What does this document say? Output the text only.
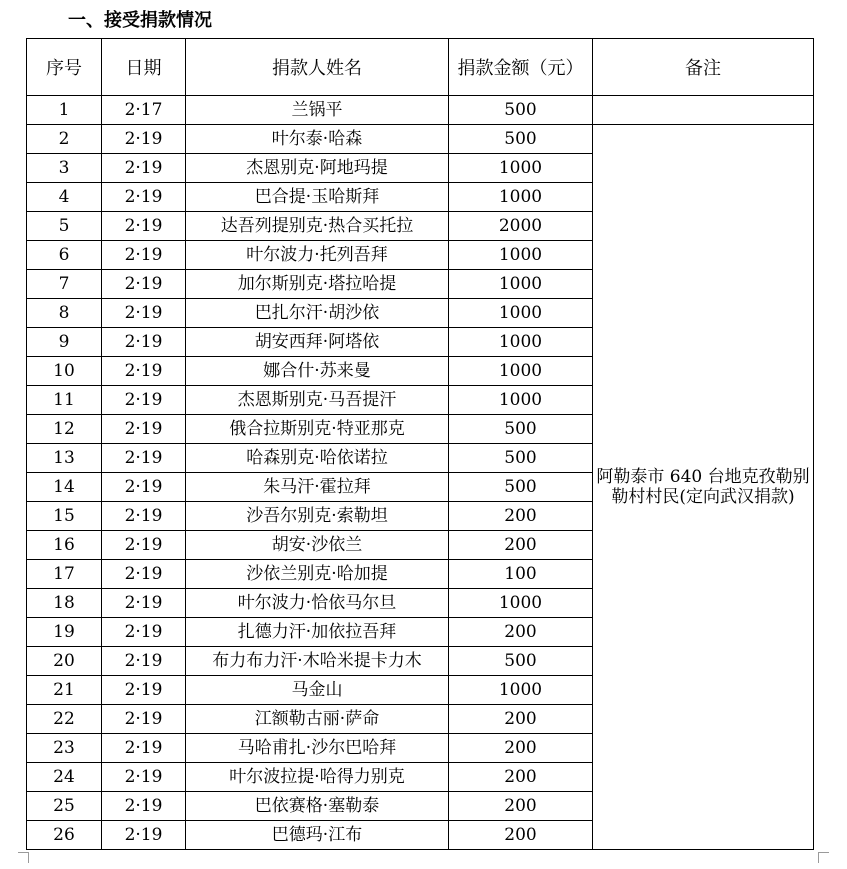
一、接受捐款情况
序号	日期	捐款人姓名	捐款金额（元）	备注
1	2·17	兰锅平	500	
2	2·19	叶尔泰·哈森	500	阿勒泰市 640 台地克孜勒别勒村村民(定向武汉捐款)
3	2·19	杰恩别克·阿地玛提	1000	
4	2·19	巴合提·玉哈斯拜	1000	
5	2·19	达吾列提别克·热合买托拉	2000	
6	2·19	叶尔波力·托列吾拜	1000	
7	2·19	加尔斯别克·塔拉哈提	1000	
8	2·19	巴扎尔汗·胡沙依	1000	
9	2·19	胡安西拜·阿塔依	1000	
10	2·19	娜合什·苏来曼	1000	
11	2·19	杰恩斯别克·马吾提汗	1000	
12	2·19	俄合拉斯别克·特亚那克	500	
13	2·19	哈森别克·哈依诺拉	500	
14	2·19	朱马汗·霍拉拜	500	
15	2·19	沙吾尔别克·索勒坦	200	
16	2·19	胡安·沙依兰	200	
17	2·19	沙依兰别克·哈加提	100	
18	2·19	叶尔波力·恰依马尔旦	1000	
19	2·19	扎德力汗·加依拉吾拜	200	
20	2·19	布力布力汗·木哈米提卡力木	500	
21	2·19	马金山	1000	
22	2·19	江额勒古丽·萨命	200	
23	2·19	马哈甫扎·沙尔巴哈拜	200	
24	2·19	叶尔波拉提·哈得力别克	200	
25	2·19	巴依赛格·塞勒泰	200	
26	2·19	巴德玛·江布	200	
